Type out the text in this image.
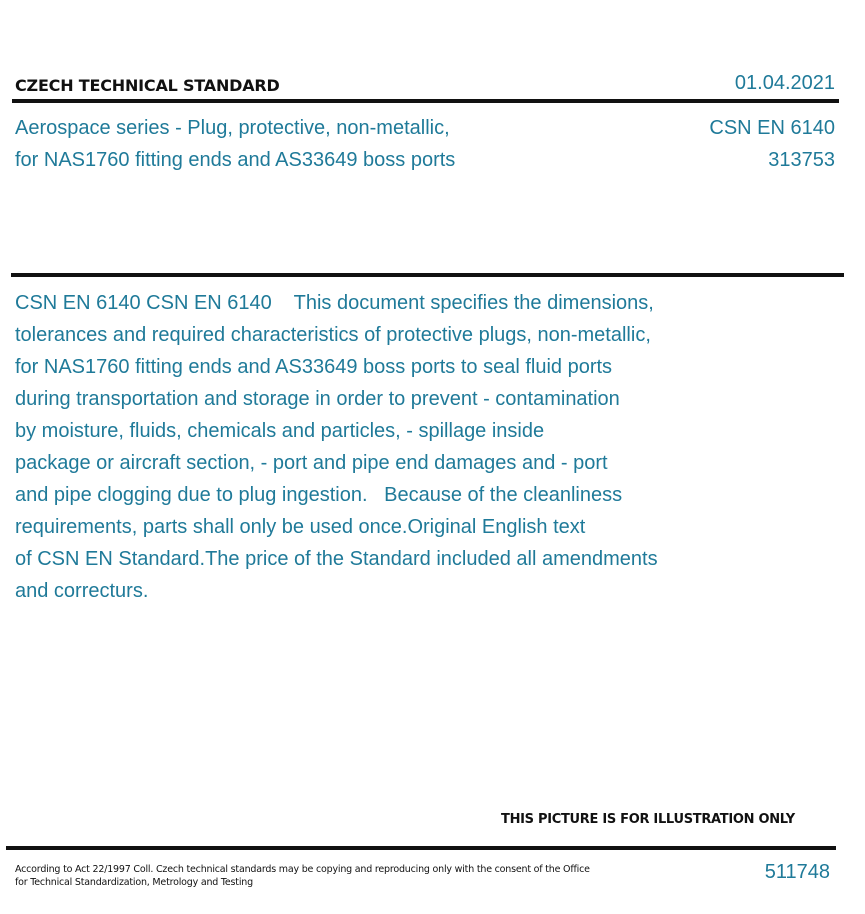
CZECH TECHNICAL STANDARD	01.04.2021
Aerospace series - Plug, protective, non-metallic,
for NAS1760 fitting ends and AS33649 boss ports
CSN EN 6140
313753
CSN EN 6140 CSN EN 6140    This document specifies the dimensions,
tolerances and required characteristics of protective plugs, non-metallic,
for NAS1760 fitting ends and AS33649 boss ports to seal fluid ports
during transportation and storage in order to prevent - contamination
by moisture, fluids, chemicals and particles, - spillage inside
package or aircraft section, - port and pipe end damages and - port
and pipe clogging due to plug ingestion.   Because of the cleanliness
requirements, parts shall only be used once.Original English text
of CSN EN Standard.The price of the Standard included all amendments
and correcturs.
THIS PICTURE IS FOR ILLUSTRATION ONLY
According to Act 22/1997 Coll. Czech technical standards may be copying and reproducing only with the consent of the Office
for Technical Standardization, Metrology and Testing	511748
